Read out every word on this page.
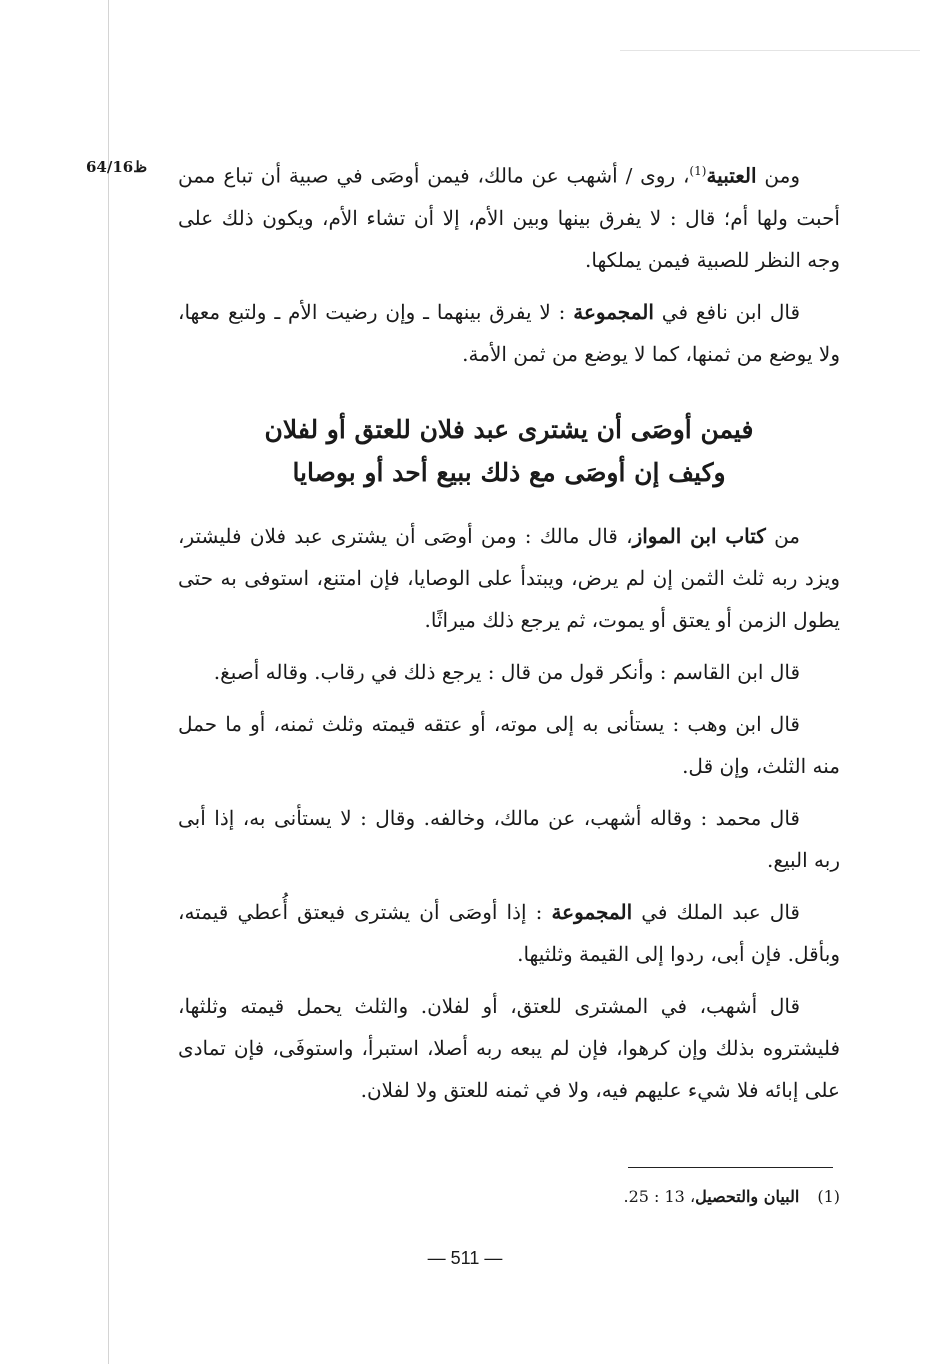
64/16ظ	ومن العتبية$^{(1)}$، روى / أشهب عن مالك، فيمن أوصَى في صبية أن تباع ممن أحبت ولها أم؛ قال : لا يفرق بينها وبين الأم، إلا أن تشاء الأم، ويكون ذلك على وجه النظر للصبية فيمن يملكها.

قال ابن نافع في المجموعة : لا يفرق بينهما ـ وإن رضيت الأم ـ ولتبع معها، ولا يوضع من ثمنها، كما لا يوضع من ثمن الأمة.

فيمن أوصَى أن يشترى عبد فلان للعتق أو لفلان
وكيف إن أوصَى مع ذلك ببيع أحد أو بوصايا

من كتاب ابن المواز، قال مالك : ومن أوصَى أن يشترى عبد فلان فليشتر، ويزد ربه ثلث الثمن إن لم يرض، ويبتدأ على الوصايا، فإن امتنع، استوفى به حتى يطول الزمن أو يعتق أو يموت، ثم يرجع ذلك ميراثًا.

قال ابن القاسم : وأنكر قول من قال : يرجع ذلك في رقاب. وقاله أصبغ.

قال ابن وهب : يستأنى به إلى موته، أو عتقه قيمته وثلث ثمنه، أو ما حمل منه الثلث، وإن قل.

قال محمد : وقاله أشهب، عن مالك، وخالفه. وقال : لا يستأنى به، إذا أبى ربه البيع.

قال عبد الملك في المجموعة : إذا أوصَى أن يشترى فيعتق أُعطي قيمته، وبأقل. فإن أبى، ردوا إلى القيمة وثلثيها.

قال أشهب، في المشترى للعتق، أو لفلان. والثلث يحمل قيمته وثلثها، فليشتروه بذلك وإن كرهوا، فإن لم يبعه ربه أصلا، استبرأ، واستوفَى، فإن تمادى على إبائه فلا شيء عليهم فيه، ولا في ثمنه للعتق ولا لفلان.

(1)البيان والتحصيل، 13 : 25.
— 511 —
